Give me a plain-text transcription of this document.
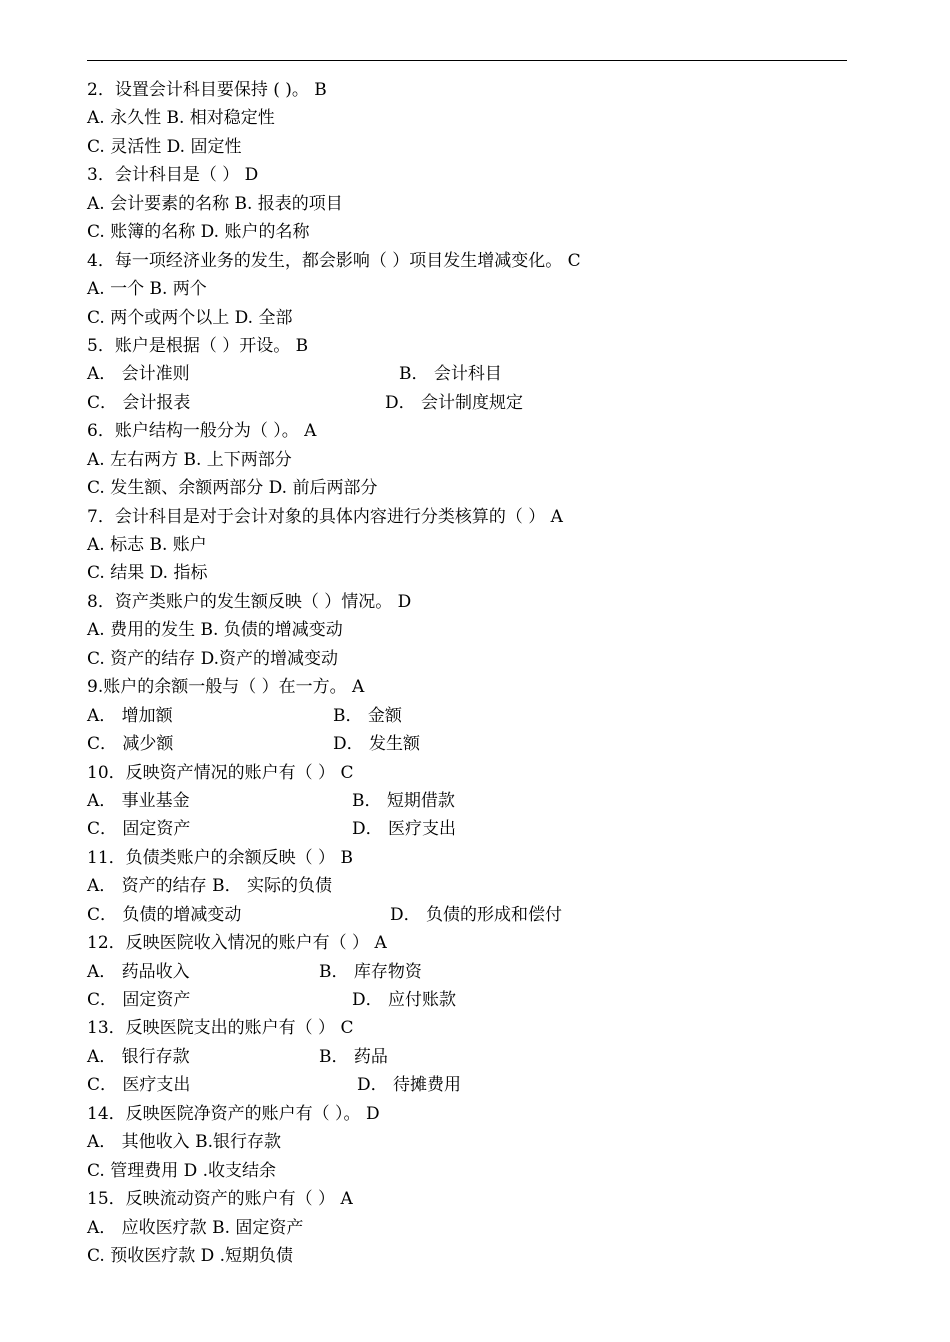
2．设置会计科目要保持 ( )。 B
A. 永久性 B. 相对稳定性
C. 灵活性 D. 固定性
3．会计科目是（ ） D
A. 会计要素的名称 B. 报表的项目
C. 账簿的名称 D. 账户的名称
4．每一项经济业务的发生，都会影响（ ）项目发生增减变化。 C
A. 一个 B. 两个
C. 两个或两个以上 D. 全部
5．账户是根据（ ）开设。 B
A． 会计准则	B． 会计科目
C． 会计报表	D． 会计制度规定
6．账户结构一般分为（ ）。 A
A. 左右两方 B. 上下两部分
C. 发生额、余额两部分 D. 前后两部分
7．会计科目是对于会计对象的具体内容进行分类核算的（ ） A
A. 标志 B. 账户
C. 结果 D. 指标
8．资产类账户的发生额反映（ ）情况。 D
A. 费用的发生 B. 负债的增减变动
C. 资产的结存 D.资产的增减变动
9.账户的余额一般与（ ）在一方。 A
A． 增加额	B． 金额
C． 减少额	D． 发生额
10．反映资产情况的账户有（ ） C
A． 事业基金	B． 短期借款
C． 固定资产	D． 医疗支出
11．负债类账户的余额反映（ ） B
A． 资产的结存 B． 实际的负债
C． 负债的增减变动	D． 负债的形成和偿付
12．反映医院收入情况的账户有（ ） A
A． 药品收入	B． 库存物资
C． 固定资产	D． 应付账款
13．反映医院支出的账户有（ ） C
A． 银行存款	B． 药品
C． 医疗支出	D． 待摊费用
14．反映医院净资产的账户有（ ）。 D
A． 其他收入 B.银行存款
C. 管理费用 D .收支结余
15．反映流动资产的账户有（ ） A
A． 应收医疗款 B. 固定资产
C. 预收医疗款 D .短期负债
